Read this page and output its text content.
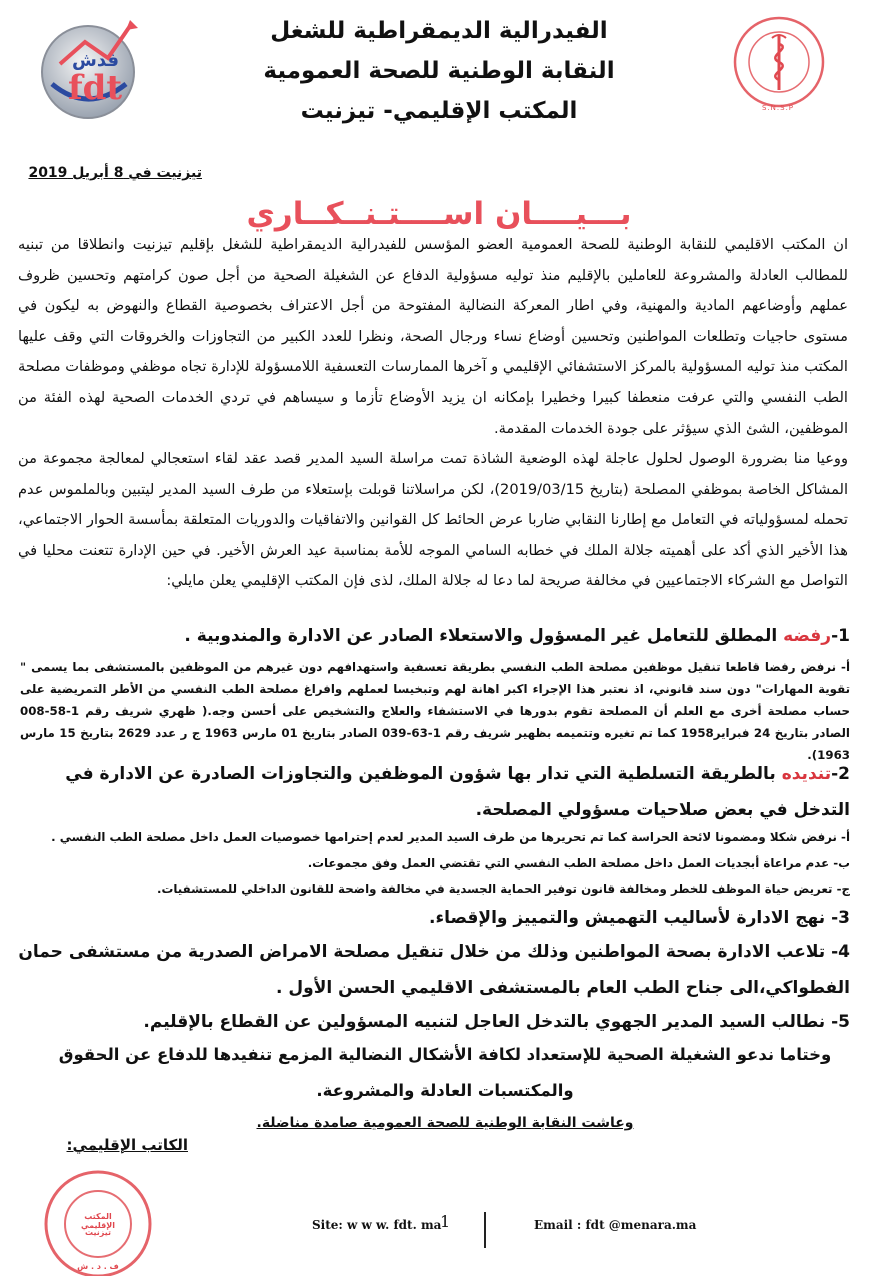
فدش
fdt	S.N.S.P
الفيدرالية الديمقراطية للشغل
النقابة الوطنية للصحة العمومية
المكتب الإقليمي- تيزنيت
تيزنيت في 8 أبريل 2019
بـــيــــان اســــتـنــكــاري
ان المكتب الاقليمي للنقابة الوطنية للصحة العمومية العضو المؤسس للفيدرالية الديمقراطية للشغل بإقليم تيزنيت وانطلاقا من تبنيه للمطالب العادلة والمشروعة للعاملين بالإقليم منذ توليه مسؤولية الدفاع عن الشغيلة الصحية من أجل صون كرامتهم وتحسين ظروف عملهم وأوضاعهم المادية والمهنية، وفي اطار المعركة النضالية المفتوحة من أجل الاعتراف بخصوصية القطاع والنهوض به ليكون في مستوى حاجيات وتطلعات المواطنين وتحسين أوضاع نساء ورجال الصحة، ونظرا للعدد الكبير من التجاوزات والخروقات التي وقف عليها المكتب منذ توليه المسؤولية بالمركز الاستشفائي الإقليمي و آخرها الممارسات التعسفية اللامسؤولة للإدارة تجاه موظفي وموظفات مصلحة الطب النفسي والتي عرفت منعطفا كبيرا وخطيرا بإمكانه ان يزيد الأوضاع تأزما و سيساهم في تردي الخدمات الصحية لهذه الفئة من الموظفين، الشئ الذي سيؤثر على جودة الخدمات المقدمة.
ووعيا منا بضرورة الوصول لحلول عاجلة لهذه الوضعية الشاذة تمت مراسلة السيد المدير قصد عقد لقاء استعجالي لمعالجة مجموعة من المشاكل الخاصة بموظفي المصلحة (بتاريخ 2019/03/15)، لكن مراسلاتنا قوبلت بإستعلاء من طرف السيد المدير ليتبين وبالملموس عدم تحمله لمسؤولياته في التعامل مع إطارنا النقابي ضاربا عرض الحائط كل القوانين والاتفاقيات والدوريات المتعلقة بمأسسة الحوار الاجتماعي، هذا الأخير الذي أكد على أهميته جلالة الملك في خطابه السامي الموجه للأمة بمناسبة عيد العرش الأخير. في حين الإدارة تتعنت محليا في التواصل مع الشركاء الاجتماعيين في مخالفة صريحة لما دعا له جلالة الملك، لذى فإن المكتب الإقليمي يعلن مايلي:
1-رفضه المطلق للتعامل غير المسؤول والاستعلاء الصادر عن الادارة والمندوبية .
أ- نرفض رفضا قاطعا تنقيل موظفين مصلحة الطب النفسي بطريقة تعسفية واستهدافهم دون غيرهم من الموظفين بالمستشفى بما يسمى " تقوية المهارات" دون سند قانوني، اذ نعتبر هذا الإجراء اكبر اهانة لهم وتبخيسا لعملهم وافراغ مصلحة الطب النفسي من الأطر التمريضية على حساب مصلحة أخرى مع العلم أن المصلحة تقوم بدورها في الاستشفاء والعلاج والتشخيص على أحسن وجه.( ظهري شريف رقم 1-58-008 الصادر بتاريخ 24 فبراير1958 كما تم تغيره وتتميمه بظهير شريف رقم 1-63-039 الصادر بتاريخ 01 مارس 1963 ج ر عدد 2629 بتاريخ 15 مارس 1963).
2-تنديده بالطريقة التسلطية التي تدار بها شؤون الموظفين والتجاوزات الصادرة عن الادارة في التدخل في بعض صلاحيات مسؤولي المصلحة.
أ- نرفض شكلا ومضمونا لائحة الحراسة كما تم تحريرها من طرف السيد المدير لعدم إحترامها خصوصيات العمل داخل مصلحة الطب النفسي .
ب- عدم مراعاة أبجديات العمل داخل مصلحة الطب النفسي التي تقتضي العمل وفق مجموعات.
ج- تعريض حياة الموظف للخطر ومخالفة قانون توفير الحماية الجسدية في مخالفة واضحة للقانون الداخلي للمستشفيات.
3- نهج الادارة لأساليب التهميش والتمييز والإقصاء.
4- تلاعب الادارة بصحة المواطنين وذلك من خلال تنقيل مصلحة الامراض الصدرية من مستشفى حمان الفطواكي،الى جناح الطب العام بالمستشفى الاقليمي الحسن الأول .
5- نطالب السيد المدير الجهوي بالتدخل العاجل لتنبيه المسؤولين عن القطاع بالإقليم.
وختاما ندعو الشغيلة الصحية للإستعداد لكافة الأشكال النضالية المزمع تنفيدها للدفاع عن الحقوق
والمكتسبات العادلة والمشروعة.
وعاشت النقابة الوطنية للصحة العمومية صامدة مناضلة.
الكاتب الإقليمي:
المكتب الإقليمي
تيزنيت
ف . د . ش
Site: w w w. fdt. ma
1	Email : fdt @menara.ma
